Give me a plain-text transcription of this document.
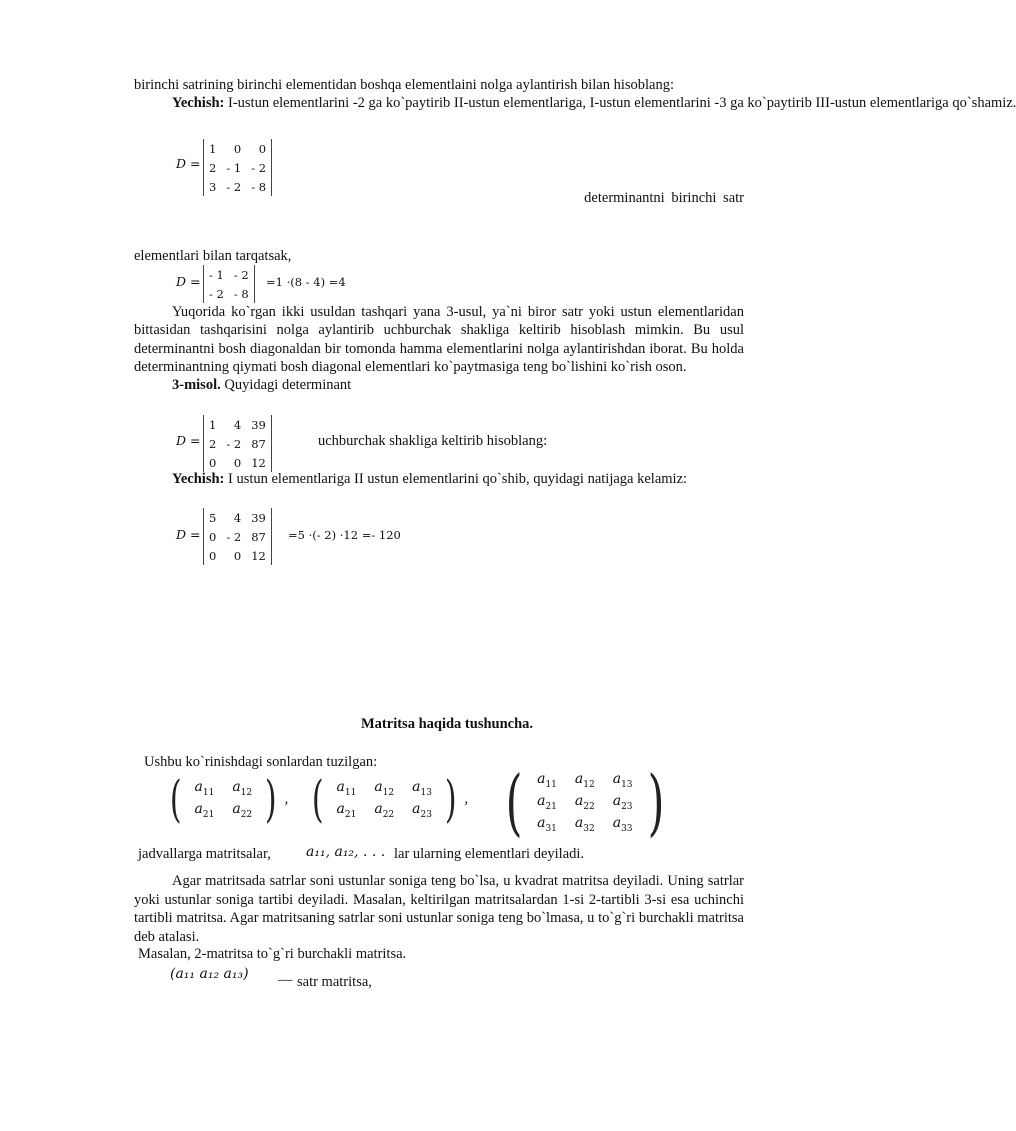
birinchi satrining birinchi elementidan boshqa elementlaini nolga aylantirish bilan hisoblang:

Yechish: I-ustun elementlarini -2 ga ko`paytirib II-ustun elementlariga, I-ustun elementlarini -3 ga ko`paytirib III-ustun elementlariga qo`shamiz.

D =
1	0	0
2	- 1	- 2
3	- 2	- 8
determinantni birinchi satr
elementlari bilan tarqatsak,
D = - 1	- 2
- 2	- 8
=1 ·(8 - 4) =4

Yuqorida ko`rgan ikki usuldan tashqari yana 3-usul, ya`ni biror satr yoki ustun elementlaridan bittasidan tashqarisini nolga aylantirib uchburchak shakliga keltirib hisoblash mimkin. Bu usul determinantni bosh diagonaldan bir tomonda hamma elementlarini nolga aylantirishdan iborat. Bu holda determinantning qiymati bosh diagonal elementlari ko`paytmasiga teng bo`lishini ko`rish oson.

3-misol. Quyidagi determinant

D =
1	4	39
2	- 2	87
0	0	12
uchburchak shakliga keltirib hisoblang:

Yechish: I ustun elementlariga II ustun elementlarini qo`shib, quyidagi natijaga kelamiz:

D =
5	4	39
0	- 2	87
0	0	12
=5 ·(- 2) ·12 =- 120
Matritsa haqida tushuncha.
Ushbu ko`rinishdagi sonlardan tuzilgan:
( $a_{11}$	$a_{12}$
$a_{21}$	$a_{22}$ ) , ( $a_{11}$	$a_{12}$	$a_{13}$
$a_{21}$	$a_{22}$	$a_{23}$ ) , ( $a_{11}$	$a_{12}$	$a_{13}$
$a_{21}$	$a_{22}$	$a_{23}$
$a_{31}$	$a_{32}$	$a_{33}$ )
jadvallarga matritsalar,	a₁₁, a₁₂, . . . lar ularning elementlari deyiladi.

Agar matritsada satrlar soni ustunlar soniga teng bo`lsa, u kvadrat matritsa deyiladi. Uning satrlar yoki ustunlar soniga tartibi deyiladi. Masalan, keltirilgan matritsalardan 1-si 2-tartibli 3-si esa uchinchi tartibli matritsa. Agar matritsaning satrlar soni ustunlar soniga teng bo`lmasa, u to`g`ri burchakli matritsa deb atalasi.

Masalan, 2-matritsa to`g`ri burchakli matritsa.
(a₁₁ a₁₂ a₁₃) — satr matritsa,
